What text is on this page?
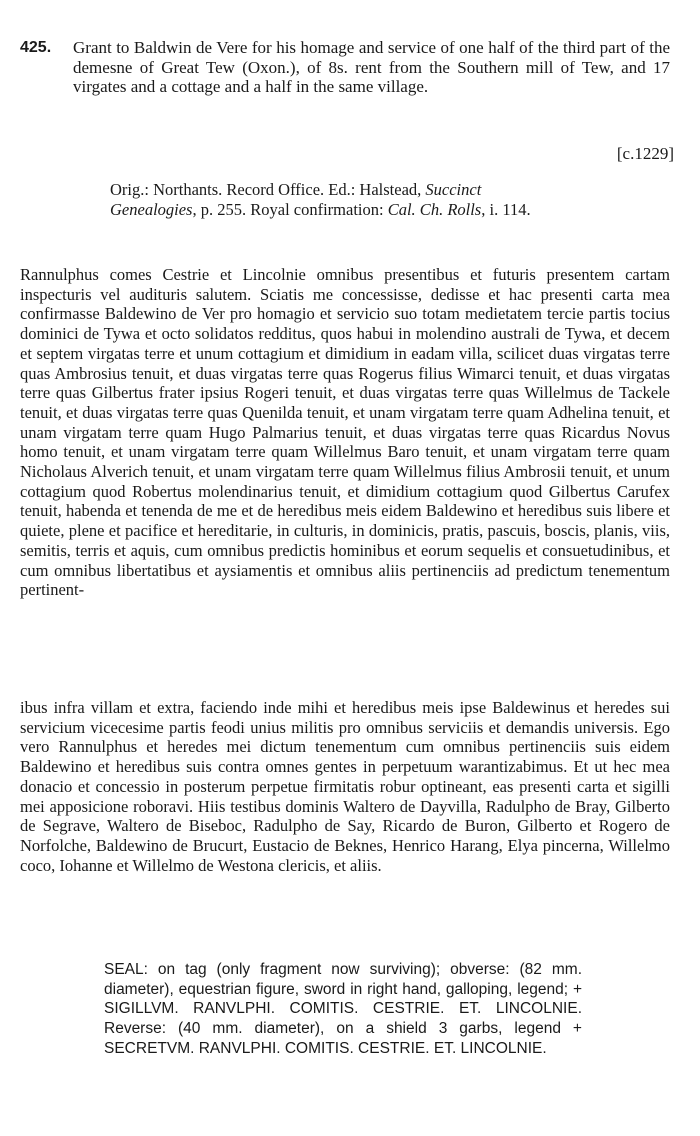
425. Grant to Baldwin de Vere for his homage and service of one half of the third part of the demesne of Great Tew (Oxon.), of 8s. rent from the Southern mill of Tew, and 17 virgates and a cottage and a half in the same village.
[c.1229]
Orig.: Northants. Record Office. Ed.: Halstead, Succinct Genealogies, p. 255. Royal confirmation: Cal. Ch. Rolls, i. 114.
Rannulphus comes Cestrie et Lincolnie omnibus presentibus et futuris presentem cartam inspecturis vel audituris salutem. Sciatis me concessisse, dedisse et hac presenti carta mea confirmasse Baldewino de Ver pro homagio et servicio suo totam medietatem tercie partis tocius dominici de Tywa et octo solidatos redditus, quos habui in molendino australi de Tywa, et decem et septem virgatas terre et unum cottagium et dimidium in eadam villa, scilicet duas virgatas terre quas Ambrosius tenuit, et duas virgatas terre quas Rogerus filius Wimarci tenuit, et duas virgatas terre quas Gilbertus frater ipsius Rogeri tenuit, et duas virgatas terre quas Willelmus de Tackele tenuit, et duas virgatas terre quas Quenilda tenuit, et unam virgatam terre quam Adhelina tenuit, et unam virgatam terre quam Hugo Palmarius tenuit, et duas virgatas terre quas Ricardus Novus homo tenuit, et unam virgatam terre quam Willelmus Baro tenuit, et unam virgatam terre quam Nicholaus Alverich tenuit, et unam virgatam terre quam Willelmus filius Ambrosii tenuit, et unum cottagium quod Robertus molendinarius tenuit, et dimidium cottagium quod Gilbertus Carufex tenuit, habenda et tenenda de me et de heredibus meis eidem Baldewino et heredibus suis libere et quiete, plene et pacifice et hereditarie, in culturis, in dominicis, pratis, pascuis, boscis, planis, viis, semitis, terris et aquis, cum omnibus predictis hominibus et eorum sequelis et consuetudinibus, et cum omnibus libertatibus et aysiamentis et omnibus aliis pertinenciis ad predictum tenementum pertinent-
ibus infra villam et extra, faciendo inde mihi et heredibus meis ipse Baldewinus et heredes sui servicium vicecesime partis feodi unius militis pro omnibus serviciis et demandis universis. Ego vero Rannulphus et heredes mei dictum tenementum cum omnibus pertinenciis suis eidem Baldewino et heredibus suis contra omnes gentes in perpetuum warantizabimus. Et ut hec mea donacio et concessio in posterum perpetue firmitatis robur optineant, eas presenti carta et sigilli mei apposicione roboravi. Hiis testibus dominis Waltero de Dayvilla, Radulpho de Bray, Gilberto de Segrave, Waltero de Biseboc, Radulpho de Say, Ricardo de Buron, Gilberto et Rogero de Norfolche, Baldewino de Brucurt, Eustacio de Beknes, Henrico Harang, Elya pincerna, Willelmo coco, Iohanne et Willelmo de Westona clericis, et aliis.
SEAL: on tag (only fragment now surviving); obverse: (82 mm. diameter), equestrian figure, sword in right hand, galloping, legend; + SIGILLVM. RANVLPHI. COMITIS. CESTRIE. ET. LINCOLNIE. Reverse: (40 mm. diameter), on a shield 3 garbs, legend + SECRETVM. RANVLPHI. COMITIS. CESTRIE. ET. LINCOLNIE.
